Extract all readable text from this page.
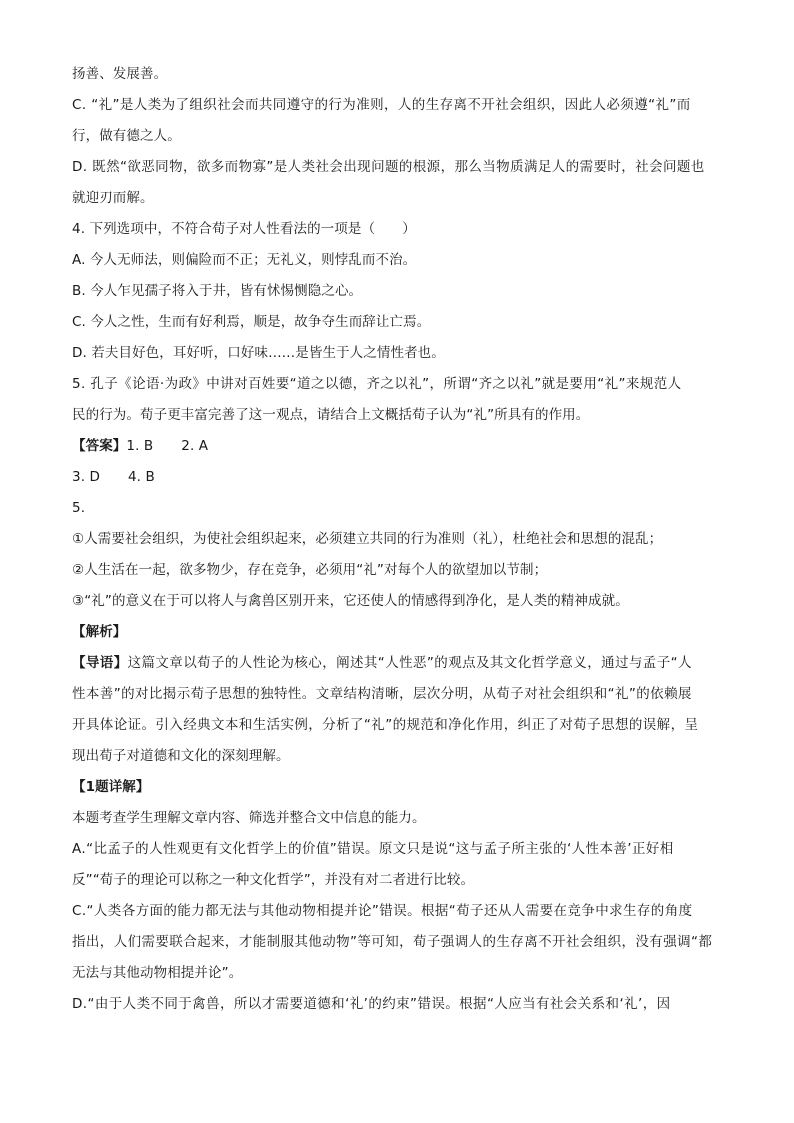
扬善、发展善。
C. “礼”是人类为了组织社会而共同遵守的行为准则，人的生存离不开社会组织，因此人必须遵“礼”而
行，做有德之人。
D. 既然“欲恶同物，欲多而物寡”是人类社会出现问题的根源，那么当物质满足人的需要时，社会问题也
就迎刃而解。
4. 下列选项中，不符合荀子对人性看法的一项是（　　）
A. 今人无师法，则偏险而不正；无礼义，则悖乱而不治。
B. 今人乍见孺子将入于井，皆有怵惕恻隐之心。
C. 今人之性，生而有好利焉，顺是，故争夺生而辞让亡焉。
D. 若夫目好色，耳好听，口好味……是皆生于人之情性者也。
5. 孔子《论语·为政》中讲对百姓要“道之以德，齐之以礼”，所谓“齐之以礼”就是要用“礼”来规范人
民的行为。荀子更丰富完善了这一观点，请结合上文概括荀子认为“礼”所具有的作用。
【答案】1. B 2. A
3. D 4. B
5.
①人需要社会组织，为使社会组织起来，必须建立共同的行为准则（礼），杜绝社会和思想的混乱；
②人生活在一起，欲多物少，存在竞争，必须用“礼”对每个人的欲望加以节制；
③“礼”的意义在于可以将人与禽兽区别开来，它还使人的情感得到净化，是人类的精神成就。
【解析】
【导语】这篇文章以荀子的人性论为核心，阐述其“人性恶”的观点及其文化哲学意义，通过与孟子“人
性本善”的对比揭示荀子思想的独特性。文章结构清晰，层次分明，从荀子对社会组织和“礼”的依赖展
开具体论证。引入经典文本和生活实例，分析了“礼”的规范和净化作用，纠正了对荀子思想的误解，呈
现出荀子对道德和文化的深刻理解。
【1题详解】
本题考查学生理解文章内容、筛选并整合文中信息的能力。
A.“比孟子的人性观更有文化哲学上的价值”错误。原文只是说“这与孟子所主张的‘人性本善’正好相
反”“荀子的理论可以称之一种文化哲学”，并没有对二者进行比较。
C.“人类各方面的能力都无法与其他动物相提并论”错误。根据“荀子还从人需要在竞争中求生存的角度
指出，人们需要联合起来，才能制服其他动物”等可知，荀子强调人的生存离不开社会组织，没有强调“都
无法与其他动物相提并论”。
D.“由于人类不同于禽兽，所以才需要道德和‘礼’的约束”错误。根据“人应当有社会关系和‘礼’，因
